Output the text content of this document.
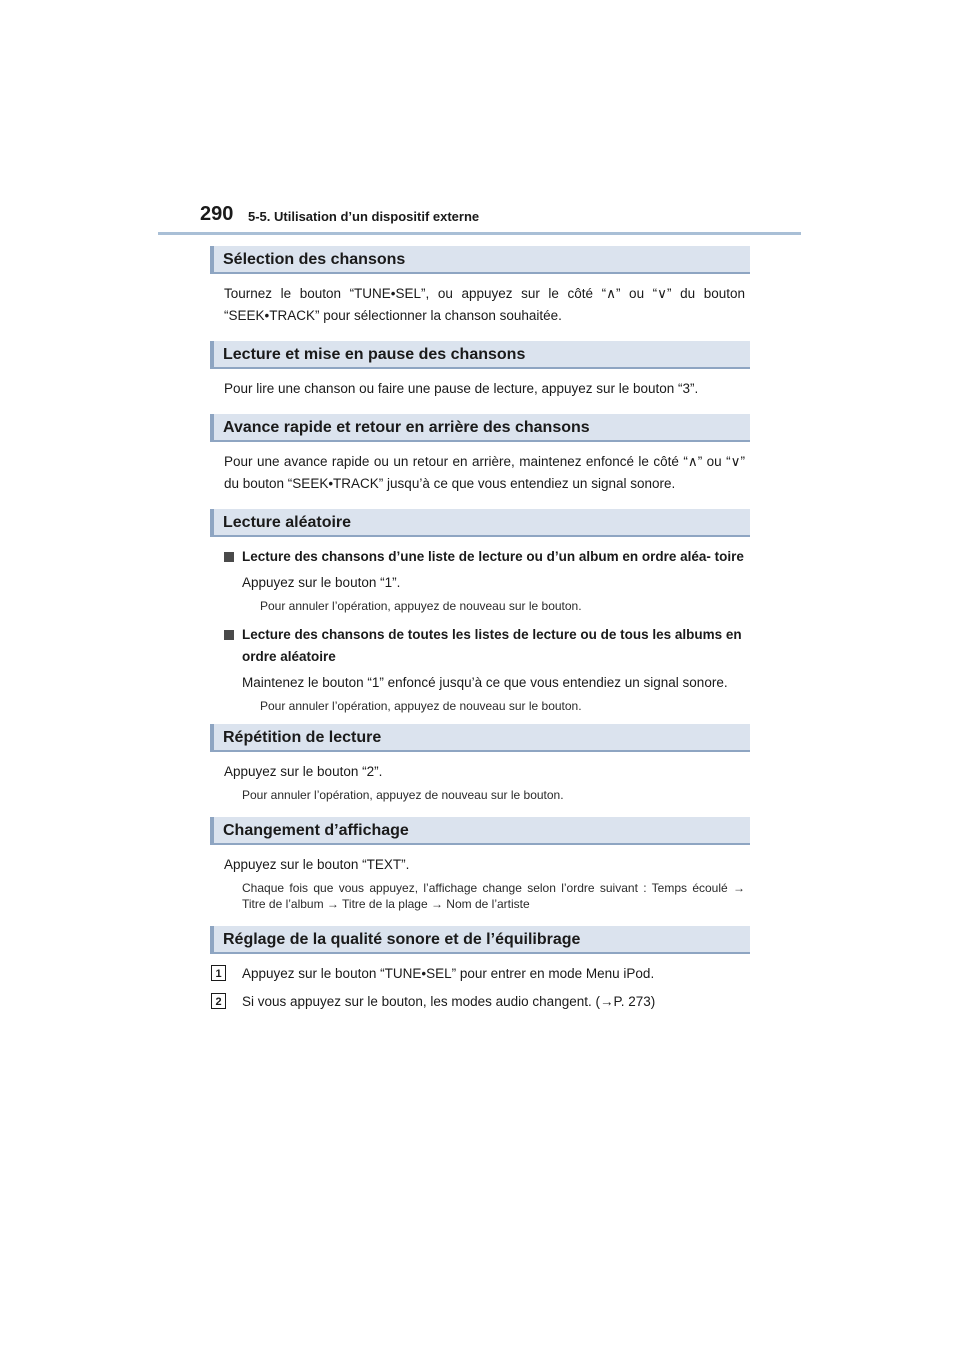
290 5-5. Utilisation d’un dispositif externe
Sélection des chansons

Tournez le bouton “TUNE•SEL”, ou appuyez sur le côté “∧” ou “∨” du bouton “SEEK•TRACK” pour sélectionner la chanson souhaitée.

Lecture et mise en pause des chansons

Pour lire une chanson ou faire une pause de lecture, appuyez sur le bouton “3”.

Avance rapide et retour en arrière des chansons

Pour une avance rapide ou un retour en arrière, maintenez enfoncé le côté “∧” ou “∨” du bouton “SEEK•TRACK” jusqu’à ce que vous entendiez un signal sonore.

Lecture aléatoire
Lecture des chansons d’une liste de lecture ou d’un album en ordre aléa- toire

Appuyez sur le bouton “1”.

Pour annuler l’opération, appuyez de nouveau sur le bouton.

Lecture des chansons de toutes les listes de lecture ou de tous les albums en ordre aléatoire

Maintenez le bouton “1” enfoncé jusqu’à ce que vous entendiez un signal sonore.

Pour annuler l’opération, appuyez de nouveau sur le bouton.

Répétition de lecture

Appuyez sur le bouton “2”.

Pour annuler l’opération, appuyez de nouveau sur le bouton.

Changement d’affichage

Appuyez sur le bouton “TEXT”.

Chaque fois que vous appuyez, l’affichage change selon l’ordre suivant : Temps écoulé → Titre de l’album → Titre de la plage → Nom de l’artiste

Réglage de la qualité sonore et de l’équilibrage
1	Appuyez sur le bouton “TUNE•SEL” pour entrer en mode Menu iPod.
2	Si vous appuyez sur le bouton, les modes audio changent. (→P. 273)
